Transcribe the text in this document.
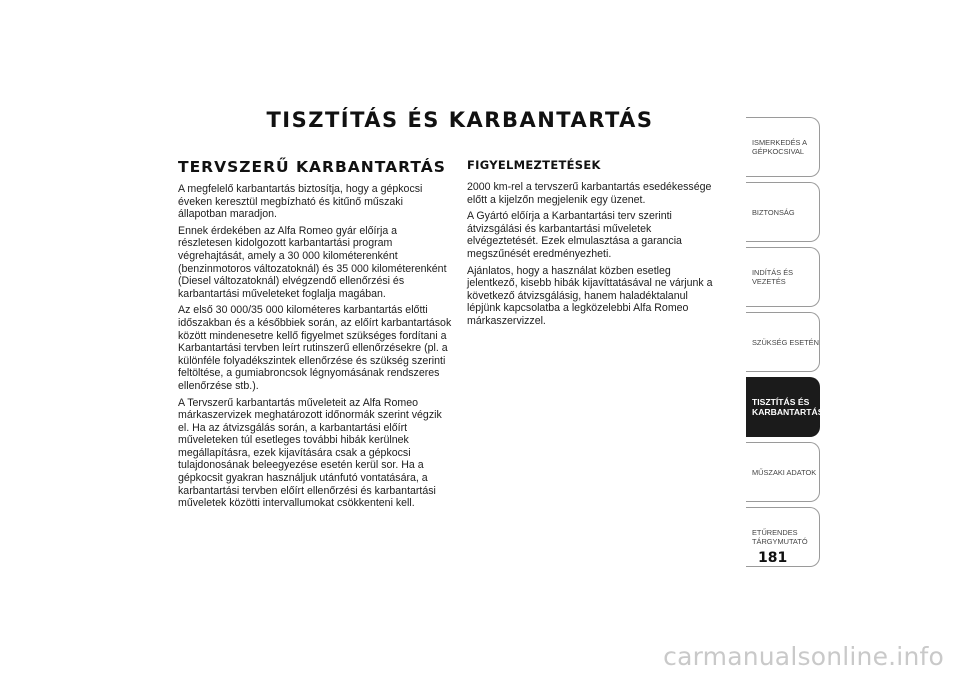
TISZTÍTÁS ÉS KARBANTARTÁS
TERVSZERŰ KARBANTARTÁS

A megfelelő karbantartás biztosítja, hogy a gépkocsi éveken keresztül megbízható és kitűnő műszaki állapotban maradjon.

Ennek érdekében az Alfa Romeo gyár előírja a részletesen kidolgozott karbantartási program végrehajtását, amely a 30 000 kilométerenként (benzinmotoros változatoknál) és 35 000 kilométerenként (Diesel változatoknál) elvégzendő ellenőrzési és karbantartási műveleteket foglalja magában.

Az első 30 000/35 000 kilométeres karbantartás előtti időszakban és a későbbiek során, az előírt karbantartások között mindenesetre kellő figyelmet szükséges fordítani a Karbantartási tervben leírt rutinszerű ellenőrzésekre (pl. a különféle folyadékszintek ellenőrzése és szükség szerinti feltöltése, a gumiabroncsok légnyomásának rendszeres ellenőrzése stb.).

A Tervszerű karbantartás műveleteit az Alfa Romeo márkaszervizek meghatározott időnormák szerint végzik el. Ha az átvizsgálás során, a karbantartási előírt műveleteken túl esetleges további hibák kerülnek megállapításra, ezek kijavítására csak a gépkocsi tulajdonosának beleegyezése esetén kerül sor. Ha a gépkocsit gyakran használjuk utánfutó vontatására, a karbantartási tervben előírt ellenőrzési és karbantartási műveletek közötti intervallumokat csökkenteni kell.

FIGYELMEZTETÉSEK

2000 km-rel a tervszerű karbantartás esedékessége előtt a kijelzőn megjelenik egy üzenet.

A Gyártó előírja a Karbantartási terv szerinti átvizsgálási és karbantartási műveletek elvégeztetését. Ezek elmulasztása a garancia megszűnését eredményezheti.

Ajánlatos, hogy a használat közben esetleg jelentkező, kisebb hibák kijavíttatásával ne várjunk a következő átvizsgálásig, hanem haladéktalanul lépjünk kapcsolatba a legközelebbi Alfa Romeo márkaszervizzel.

ISMERKEDÉS A GÉPKOCSIVAL
BIZTONSÁG
INDÍTÁS ÉS VEZETÉS
SZÜKSÉG ESETÉN
TISZTÍTÁS ÉS KARBANTARTÁS
MŰSZAKI ADATOK
ETŰRENDES TÁRGYMUTATÓ
181
carmanualsonline.info
